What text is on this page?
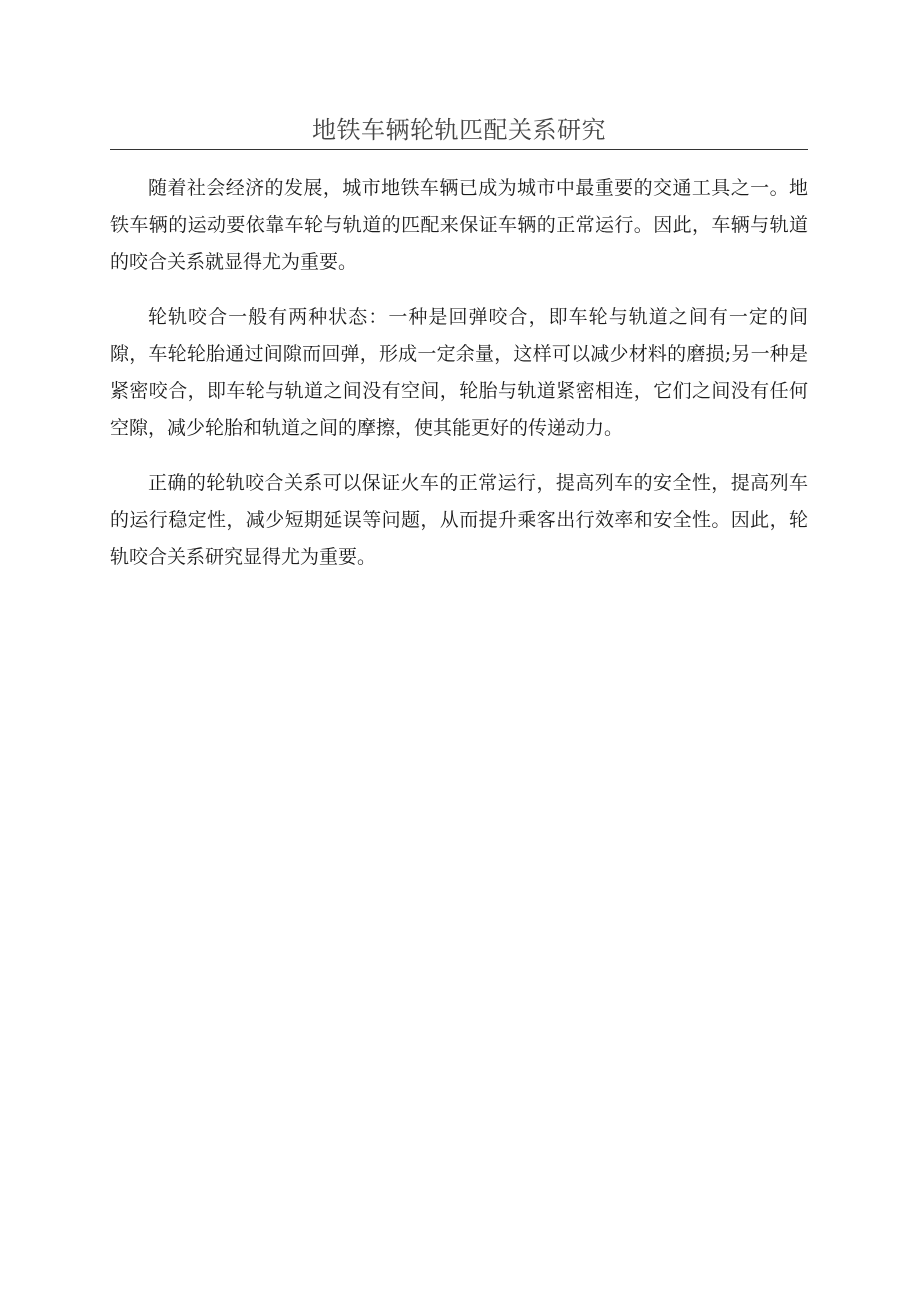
地铁车辆轮轨匹配关系研究

随着社会经济的发展，城市地铁车辆已成为城市中最重要的交通工具之一。地铁车辆的运动要依靠车轮与轨道的匹配来保证车辆的正常运行。因此，车辆与轨道的咬合关系就显得尤为重要。

轮轨咬合一般有两种状态：一种是回弹咬合，即车轮与轨道之间有一定的间隙，车轮轮胎通过间隙而回弹，形成一定余量，这样可以减少材料的磨损;另一种是紧密咬合，即车轮与轨道之间没有空间，轮胎与轨道紧密相连，它们之间没有任何空隙，减少轮胎和轨道之间的摩擦，使其能更好的传递动力。

正确的轮轨咬合关系可以保证火车的正常运行，提高列车的安全性，提高列车的运行稳定性，减少短期延误等问题，从而提升乘客出行效率和安全性。因此，轮轨咬合关系研究显得尤为重要。
